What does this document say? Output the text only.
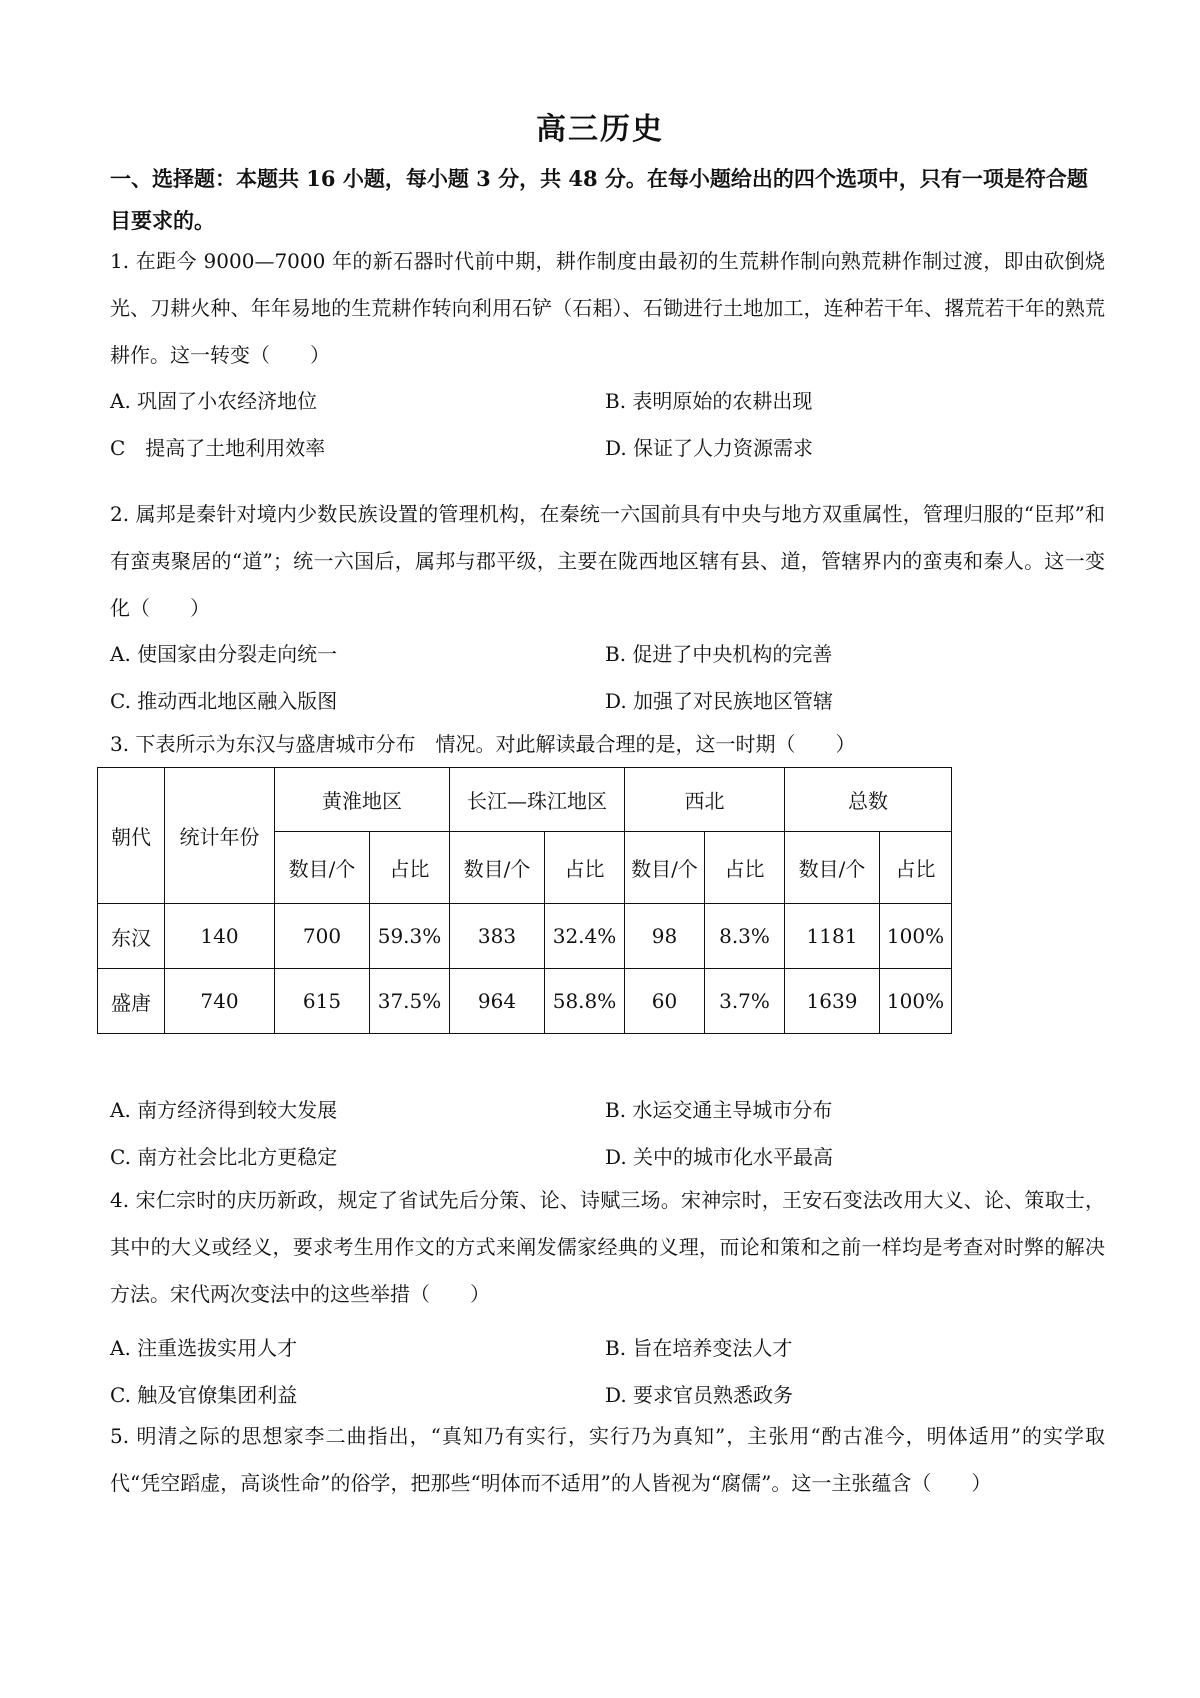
高三历史
一、选择题：本题共 16 小题，每小题 3 分，共 48 分。在每小题给出的四个选项中，只有一项是符合题目要求的。
1. 在距今 9000—7000 年的新石器时代前中期，耕作制度由最初的生荒耕作制向熟荒耕作制过渡，即由砍倒烧光、刀耕火种、年年易地的生荒耕作转向利用石铲（石耜）、石锄进行土地加工，连种若干年、撂荒若干年的熟荒耕作。这一转变（　　）
A. 巩固了小农经济地位	B. 表明原始的农耕出现
C　提高了土地利用效率	D. 保证了人力资源需求
2. 属邦是秦针对境内少数民族设置的管理机构，在秦统一六国前具有中央与地方双重属性，管理归服的“臣邦”和有蛮夷聚居的“道”；统一六国后，属邦与郡平级，主要在陇西地区辖有县、道，管辖界内的蛮夷和秦人。这一变化（　　）
A. 使国家由分裂走向统一	B. 促进了中央机构的完善
C. 推动西北地区融入版图	D. 加强了对民族地区管辖
3. 下表所示为东汉与盛唐城市分布　情况。对此解读最合理的是，这一时期（　　）
朝代	统计年份	黄淮地区		长江—珠江地区		西北		总数	
		数目/个	占比	数目/个	占比	数目/个	占比	数目/个	占比
东汉	140	700	59.3%	383	32.4%	98	8.3%	1181	100%
盛唐	740	615	37.5%	964	58.8%	60	3.7%	1639	100%
A. 南方经济得到较大发展	B. 水运交通主导城市分布
C. 南方社会比北方更稳定	D. 关中的城市化水平最高
4. 宋仁宗时的庆历新政，规定了省试先后分策、论、诗赋三场。宋神宗时，王安石变法改用大义、论、策取士，其中的大义或经义，要求考生用作文的方式来阐发儒家经典的义理，而论和策和之前一样均是考查对时弊的解决方法。宋代两次变法中的这些举措（　　）
A. 注重选拔实用人才	B. 旨在培养变法人才
C. 触及官僚集团利益	D. 要求官员熟悉政务
5. 明清之际的思想家李二曲指出，“真知乃有实行，实行乃为真知”，主张用“酌古准今，明体适用”的实学取代“凭空蹈虚，高谈性命”的俗学，把那些“明体而不适用”的人皆视为“腐儒”。这一主张蕴含（　　）
